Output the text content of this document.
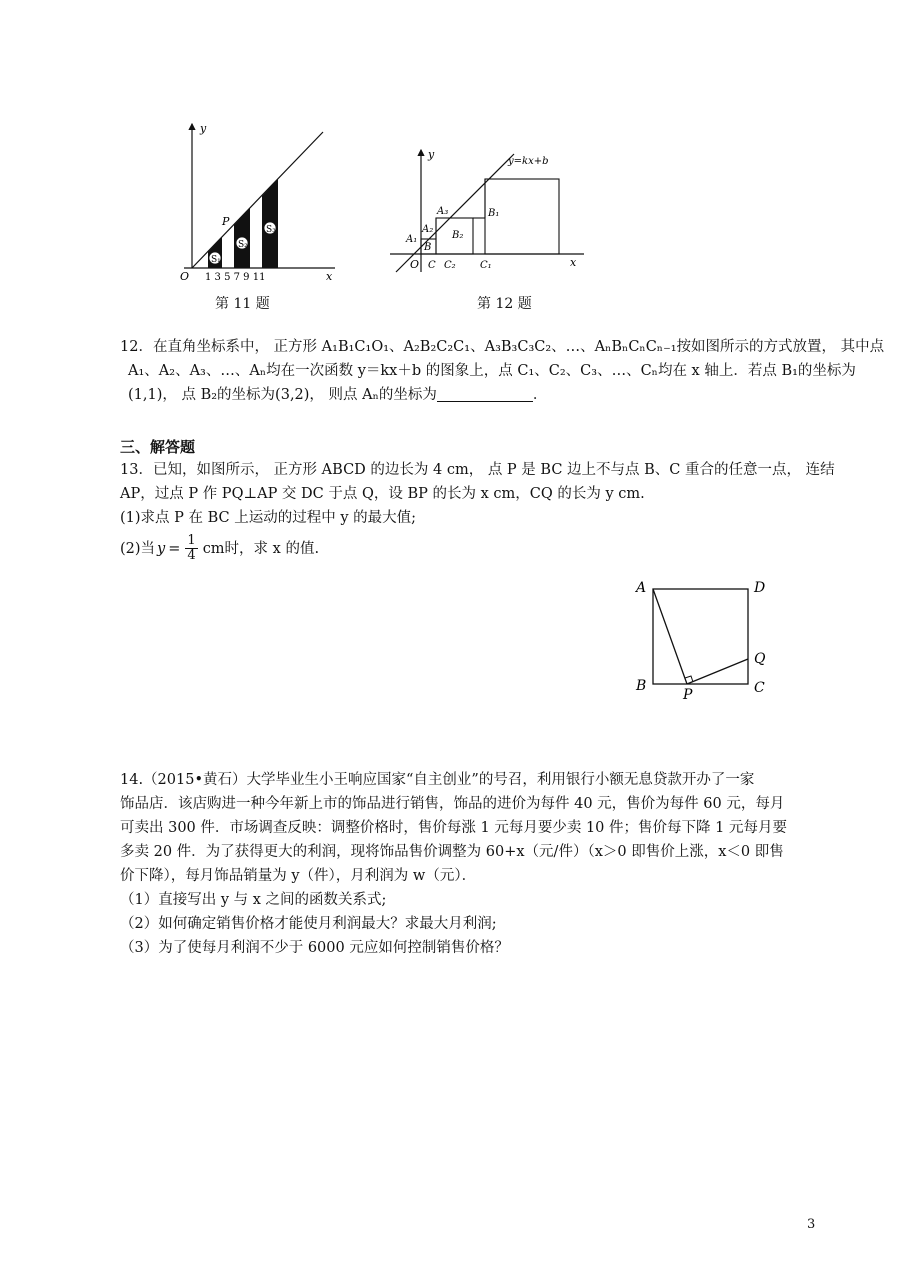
S₁
S₂
S₃
y
x
O
P
1 3 5 7 9 11
第 11 题
y
x
O
y=kx+b
A₁
A₂
A₃
B
B₂
B₁
C C₂ C₁
第 12 题
12．在直角坐标系中， 正方形 A₁B₁C₁O₁、A₂B₂C₂C₁、A₃B₃C₃C₂、…、AₙBₙCₙCₙ₋₁按如图所示的方式放置， 其中点
A₁、A₂、A₃、…、Aₙ均在一次函数 y＝kx＋b 的图象上，点 C₁、C₂、C₃、…、Cₙ均在 x 轴上．若点 B₁的坐标为
(1,1)， 点 B₂的坐标为(3,2)， 则点 Aₙ的坐标为	．
三、解答题
13．已知，如图所示， 正方形 ABCD 的边长为 4 cm， 点 P 是 BC 边上不与点 B、C 重合的任意一点， 连结
AP，过点 P 作 PQ⊥AP 交 DC 于点 Q，设 BP 的长为 x cm，CQ 的长为 y cm.
(1)求点 P 在 BC 上运动的过程中 y 的最大值;
(2)当 $y = \frac{1}{4}$ cm时，求 x 的值.
A	D
B	C
P
Q
14.（2015•黄石）大学毕业生小王响应国家“自主创业”的号召，利用银行小额无息贷款开办了一家
饰品店．该店购进一种今年新上市的饰品进行销售，饰品的进价为每件 40 元，售价为每件 60 元，每月
可卖出 300 件．市场调查反映：调整价格时，售价每涨 1 元每月要少卖 10 件；售价每下降 1 元每月要
多卖 20 件．为了获得更大的利润，现将饰品售价调整为 60+x（元/件）（x＞0 即售价上涨，x＜0 即售
价下降），每月饰品销量为 y（件），月利润为 w（元）．
（1）直接写出 y 与 x 之间的函数关系式;
（2）如何确定销售价格才能使月利润最大？求最大月利润;
（3）为了使每月利润不少于 6000 元应如何控制销售价格？
3
